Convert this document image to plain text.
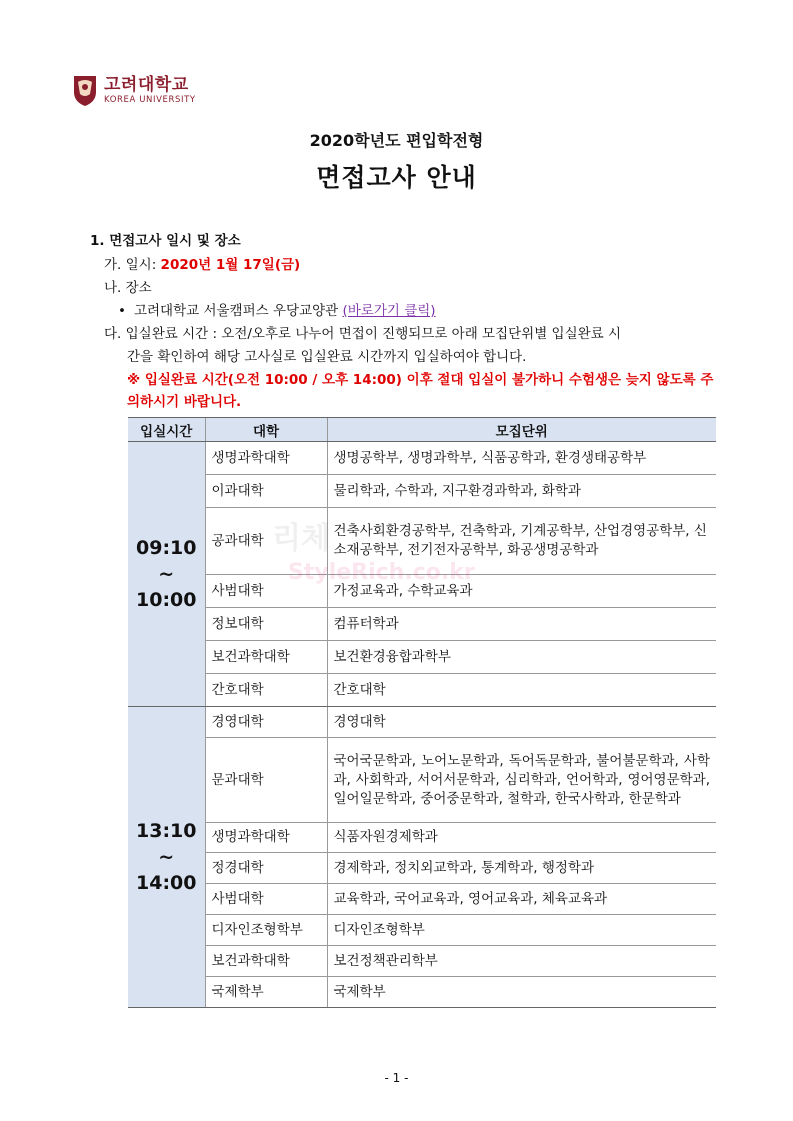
고려대학교
KOREA UNIVERSITY
2020학년도 편입학전형
면접고사 안내
1. 면접고사 일시 및 장소
가. 일시: 2020년 1월 17일(금)
나. 장소
• 고려대학교 서울캠퍼스 우당교양관 (바로가기 클릭)
다. 입실완료 시간 : 오전/오후로 나누어 면접이 진행되므로 아래 모집단위별 입실완료 시
간을 확인하여 해당 고사실로 입실완료 시간까지 입실하여야 합니다.
※ 입실완료 시간(오전 10:00 / 오후 14:00) 이후 절대 입실이 불가하니 수험생은 늦지 않도록 주의하시기 바랍니다.
입실시간	대학	모집단위

09:10
~
10:00	생명과학대학	생명공학부, 생명과학부, 식품공학과, 환경생태공학부
	이과대학	물리학과, 수학과, 지구환경과학과, 화학과
	공과대학	건축사회환경공학부, 건축학과, 기계공학부, 산업경영공학부, 신소재공학부, 전기전자공학부, 화공생명공학과
	사범대학	가정교육과, 수학교육과
	정보대학	컴퓨터학과
	보건과학대학	보건환경융합과학부
	간호대학	간호대학

13:10
~
14:00	경영대학	경영대학
	문과대학	국어국문학과, 노어노문학과, 독어독문학과, 불어불문학과, 사학과, 사회학과, 서어서문학과, 심리학과, 언어학과, 영어영문학과, 일어일문학과, 중어중문학과, 철학과, 한국사학과, 한문학과
	생명과학대학	식품자원경제학과
	정경대학	경제학과, 정치외교학과, 통계학과, 행정학과
	사범대학	교육학과, 국어교육과, 영어교육과, 체육교육과
	디자인조형학부	디자인조형학부
	보건과학대학	보건정책관리학부
	국제학부	국제학부
리체
StyleRich.co.kr
- 1 -
